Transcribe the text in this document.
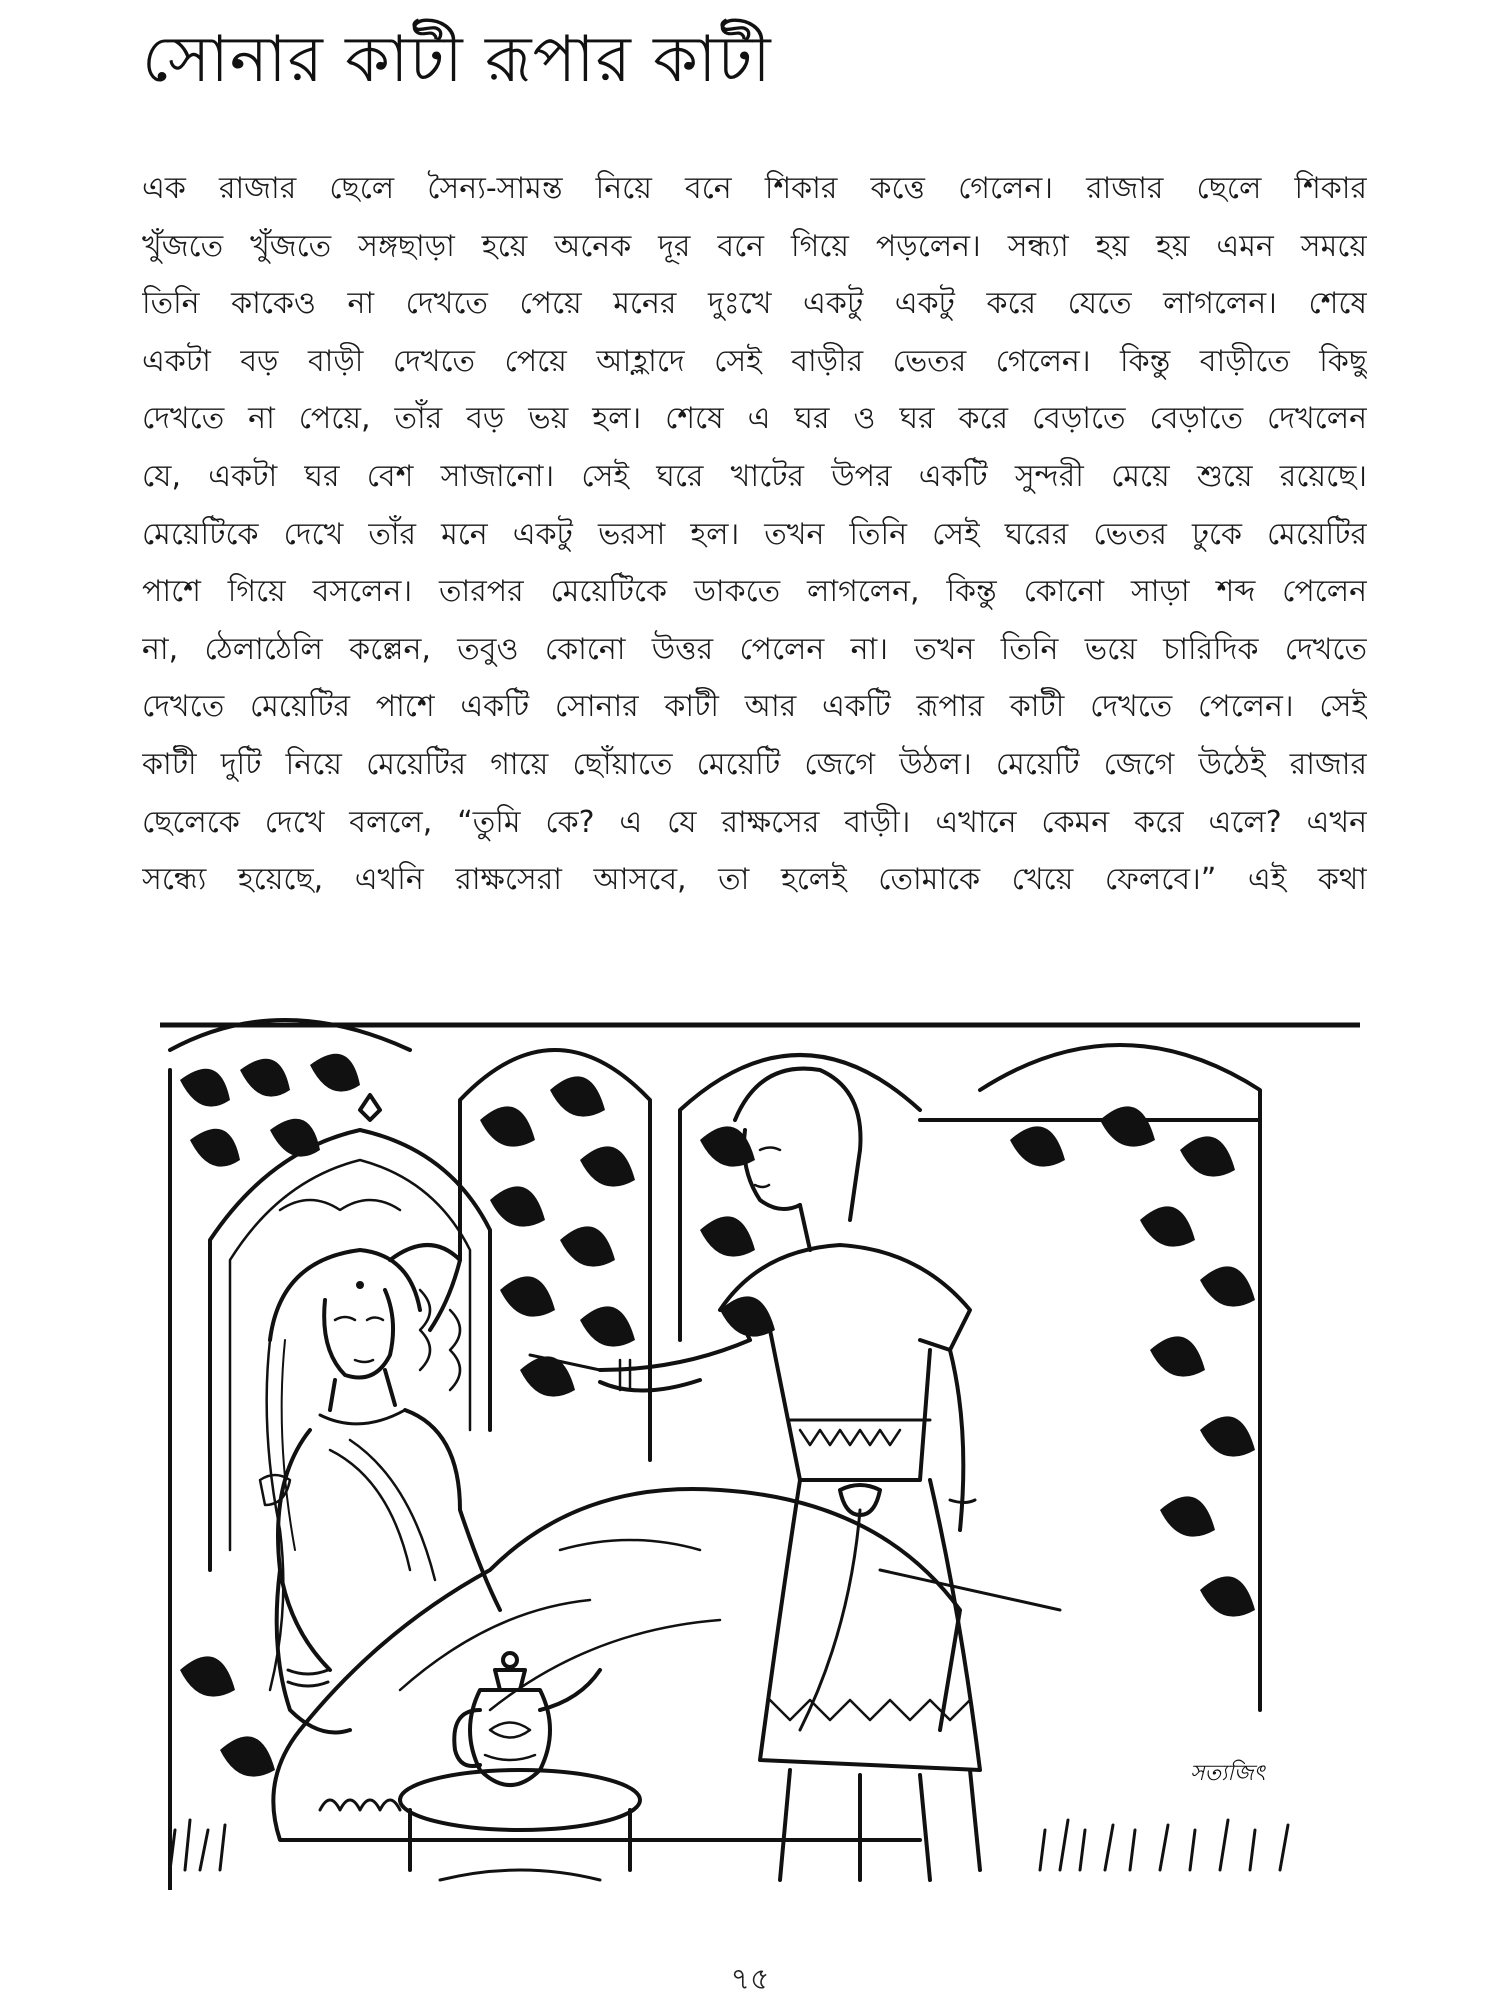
সোনার কাটী রূপার কাটী
এক রাজার ছেলে সৈন্য-সামন্ত নিয়ে বনে শিকার কত্তে গেলেন। রাজার ছেলে শিকার
খুঁজতে খুঁজতে সঙ্গছাড়া হয়ে অনেক দূর বনে গিয়ে পড়লেন। সন্ধ্যা হয় হয় এমন সময়ে
তিনি কাকেও না দেখতে পেয়ে মনের দুঃখে একটু একটু করে যেতে লাগলেন। শেষে
একটা বড় বাড়ী দেখতে পেয়ে আহ্লাদে সেই বাড়ীর ভেতর গেলেন। কিন্তু বাড়ীতে কিছু
দেখতে না পেয়ে, তাঁর বড় ভয় হল। শেষে এ ঘর ও ঘর করে বেড়াতে বেড়াতে দেখলেন
যে, একটা ঘর বেশ সাজানো। সেই ঘরে খাটের উপর একটি সুন্দরী মেয়ে শুয়ে রয়েছে।
মেয়েটিকে দেখে তাঁর মনে একটু ভরসা হল। তখন তিনি সেই ঘরের ভেতর ঢুকে মেয়েটির
পাশে গিয়ে বসলেন। তারপর মেয়েটিকে ডাকতে লাগলেন, কিন্তু কোনো সাড়া শব্দ পেলেন
না, ঠেলাঠেলি কল্লেন, তবুও কোনো উত্তর পেলেন না। তখন তিনি ভয়ে চারিদিক দেখতে
দেখতে মেয়েটির পাশে একটি সোনার কাটী আর একটি রূপার কাটী দেখতে পেলেন। সেই
কাটী দুটি নিয়ে মেয়েটির গায়ে ছোঁয়াতে মেয়েটি জেগে উঠল। মেয়েটি জেগে উঠেই রাজার
ছেলেকে দেখে বললে, “তুমি কে? এ যে রাক্ষসের বাড়ী। এখানে কেমন করে এলে? এখন
সন্ধ্যে হয়েছে, এখনি রাক্ষসেরা আসবে, তা হলেই তোমাকে খেয়ে ফেলবে।” এই কথা
সত্যজিৎ
৭৫
